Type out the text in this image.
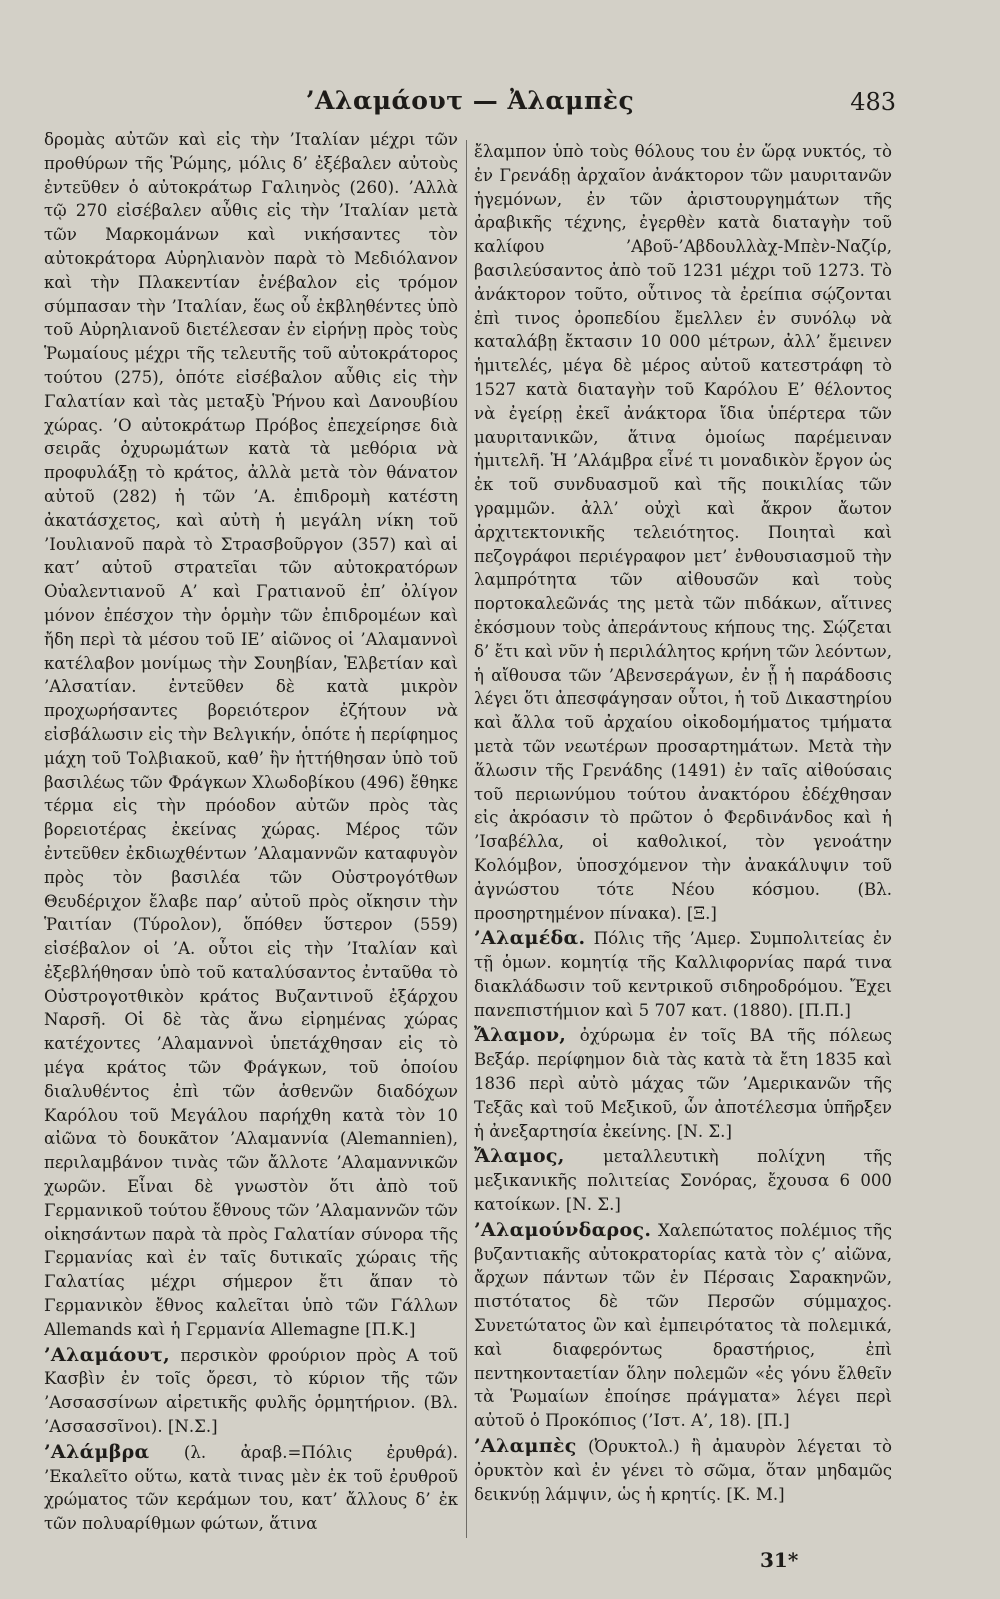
’Αλαμάουτ — Ἀλαμπὲς	483

δρομὰς αὐτῶν καὶ εἰς τὴν ’Ιταλίαν μέχρι τῶν προθύρων τῆς Ῥώμης, μόλις δ’ ἐξέβαλεν αὐτοὺς ἐντεῦθεν ὁ αὐτοκράτωρ Γαλιηνὸς (260). ’Αλλὰ τῷ 270 εἰσέβαλεν αὖθις εἰς τὴν ’Ιταλίαν μετὰ τῶν Μαρκομάνων καὶ νικήσαντες τὸν αὐτοκράτορα Αὐρηλιανὸν παρὰ τὸ Μεδιόλανον καὶ τὴν Πλακεντίαν ἐνέβαλον εἰς τρόμον σύμπασαν τὴν ’Ιταλίαν, ἕως οὗ ἐκβληθέντες ὑπὸ τοῦ Αὐρηλιανοῦ διετέλεσαν ἐν εἰρήνῃ πρὸς τοὺς Ῥωμαίους μέχρι τῆς τελευτῆς τοῦ αὐτοκράτορος τούτου (275), ὁπότε εἰσέβαλον αὖθις εἰς τὴν Γαλατίαν καὶ τὰς μεταξὺ Ῥήνου καὶ Δανουβίου χώρας. ’Ο αὐτοκράτωρ Πρόβος ἐπεχείρησε διὰ σειρᾶς ὀχυρωμάτων κατὰ τὰ μεθόρια νὰ προφυλάξῃ τὸ κράτος, ἀλλὰ μετὰ τὸν θάνατον αὐτοῦ (282) ἡ τῶν ’Α. ἐπιδρομὴ κατέστη ἀκατάσχετος, καὶ αὐτὴ ἡ μεγάλη νίκη τοῦ ’Ιουλιανοῦ παρὰ τὸ Στρασβοῦργον (357) καὶ αἱ κατ’ αὐτοῦ στρατεῖαι τῶν αὐτοκρατόρων Οὐαλεντιανοῦ Α’ καὶ Γρατιανοῦ ἐπ’ ὀλίγον μόνον ἐπέσχον τὴν ὁρμὴν τῶν ἐπιδρομέων καὶ ἤδη περὶ τὰ μέσου τοῦ ΙΕ’ αἰῶνος οἱ ’Αλαμαννοὶ κατέλαβον μονίμως τὴν Σουηβίαν, Ἑλβετίαν καὶ ’Αλσατίαν. ἐντεῦθεν δὲ κατὰ μικρὸν προχωρήσαντες βορειότερον ἐζήτουν νὰ εἰσβάλωσιν εἰς τὴν Βελγικήν, ὁπότε ἡ περίφημος μάχη τοῦ Τολβιακοῦ, καθ’ ἣν ἡττήθησαν ὑπὸ τοῦ βασιλέως τῶν Φράγκων Χλωδοβίκου (496) ἔθηκε τέρμα εἰς τὴν πρόοδον αὐτῶν πρὸς τὰς βορειοτέρας ἐκείνας χώρας. Μέρος τῶν ἐντεῦθεν ἐκδιωχθέντων ’Αλαμαννῶν καταφυγὸν πρὸς τὸν βασιλέα τῶν Οὐστρογότθων Θευδέριχον ἔλαβε παρ’ αὐτοῦ πρὸς οἴκησιν τὴν Ῥαιτίαν (Τύρολον), ὅπόθεν ὕστερον (559) εἰσέβαλον οἱ ’Α. οὗτοι εἰς τὴν ’Ιταλίαν καὶ ἐξεβλήθησαν ὑπὸ τοῦ καταλύσαντος ἐνταῦθα τὸ Οὐστρογοτθικὸν κράτος Βυζαντινοῦ ἐξάρχου Ναρσῆ. Οἱ δὲ τὰς ἄνω εἰρημένας χώρας κατέχοντες ’Αλαμαννοὶ ὑπετάχθησαν εἰς τὸ μέγα κράτος τῶν Φράγκων, τοῦ ὁποίου διαλυθέντος ἐπὶ τῶν ἀσθενῶν διαδόχων Καρόλου τοῦ Μεγάλου παρήχθη κατὰ τὸν 10 αἰῶνα τὸ δουκᾶτον ’Αλαμαννία (Alemannien), περιλαμβάνον τινὰς τῶν ἄλλοτε ’Αλαμαννικῶν χωρῶν. Εἶναι δὲ γνωστὸν ὅτι ἀπὸ τοῦ Γερμανικοῦ τούτου ἔθνους τῶν ’Αλαμαννῶν τῶν οἰκησάντων παρὰ τὰ πρὸς Γαλατίαν σύνορα τῆς Γερμανίας καὶ ἐν ταῖς δυτικαῖς χώραις τῆς Γαλατίας μέχρι σήμερον ἔτι ἅπαν τὸ Γερμανικὸν ἔθνος καλεῖται ὑπὸ τῶν Γάλλων Allemands καὶ ἡ Γερμανία Allemagne [Π.Κ.]

’Αλαμάουτ, περσικὸν φρούριον πρὸς Α τοῦ Κασβὶν ἐν τοῖς ὄρεσι, τὸ κύριον τῆς τῶν ’Ασσασσίνων αἱρετικῆς φυλῆς ὁρμητήριον. (Βλ. ’Ασσασσῖνοι). [Ν.Σ.]

’Αλάμβρα (λ. ἀραβ.=Πόλις ἐρυθρά). ’Εκαλεῖτο οὕτω, κατὰ τινας μὲν ἐκ τοῦ ἐρυθροῦ χρώματος τῶν κεράμων του, κατ’ ἄλλους δ’ ἐκ τῶν πολυαρίθμων φώτων, ἅτινα

ἔλαμπον ὑπὸ τοὺς θόλους του ἐν ὥρᾳ νυκτός, τὸ ἐν Γρενάδῃ ἀρχαῖον ἀνάκτορον τῶν μαυριτανῶν ἡγεμόνων, ἐν τῶν ἀριστουργημάτων τῆς ἀραβικῆς τέχνης, ἐγερθὲν κατὰ διαταγὴν τοῦ καλίφου ’Αβοῦ-’Αβδουλλὰχ-Μπὲν-Ναζίρ, βασιλεύσαντος ἀπὸ τοῦ 1231 μέχρι τοῦ 1273. Τὸ ἀνάκτορον τοῦτο, οὗτινος τὰ ἐρείπια σῴζονται ἐπὶ τινος ὀροπεδίου ἔμελλεν ἐν συνόλῳ νὰ καταλάβῃ ἔκτασιν 10 000 μέτρων, ἀλλ’ ἔμεινεν ἡμιτελές, μέγα δὲ μέρος αὐτοῦ κατεστράφη τὸ 1527 κατὰ διαταγὴν τοῦ Καρόλου Ε’ θέλοντος νὰ ἐγείρῃ ἐκεῖ ἀνάκτορα ἴδια ὑπέρτερα τῶν μαυριτανικῶν, ἅτινα ὁμοίως παρέμειναν ἡμιτελῆ. Ἡ ’Αλάμβρα εἶνέ τι μοναδικὸν ἔργον ὡς ἐκ τοῦ συνδυασμοῦ καὶ τῆς ποικιλίας τῶν γραμμῶν. ἀλλ’ οὐχὶ καὶ ἄκρον ἄωτον ἀρχιτεκτονικῆς τελειότητος. Ποιηταὶ καὶ πεζογράφοι περιέγραφον μετ’ ἐνθουσιασμοῦ τὴν λαμπρότητα τῶν αἰθουσῶν καὶ τοὺς πορτοκαλεῶνάς της μετὰ τῶν πιδάκων, αἵτινες ἐκόσμουν τοὺς ἀπεράντους κήπους της. Σῴζεται δ’ ἔτι καὶ νῦν ἡ περιλάλητος κρήνη τῶν λεόντων, ἡ αἴθουσα τῶν ’Αβενσεράγων, ἐν ᾗ ἡ παράδοσις λέγει ὅτι ἀπεσφάγησαν οὗτοι, ἡ τοῦ Δικαστηρίου καὶ ἄλλα τοῦ ἀρχαίου οἰκοδομήματος τμήματα μετὰ τῶν νεωτέρων προσαρτημάτων. Μετὰ τὴν ἅλωσιν τῆς Γρενάδης (1491) ἐν ταῖς αἰθούσαις τοῦ περιωνύμου τούτου ἀνακτόρου ἐδέχθησαν εἰς ἀκρόασιν τὸ πρῶτον ὁ Φερδινάνδος καὶ ἡ ’Ισαβέλλα, οἱ καθολικοί, τὸν γενοάτην Κολόμβον, ὑποσχόμενον τὴν ἀνακάλυψιν τοῦ ἀγνώστου τότε Νέου κόσμου. (Βλ. προσηρτημένον πίνακα). [Ξ.]

’Αλαμέδα. Πόλις τῆς ’Αμερ. Συμπολιτείας ἐν τῇ ὁμων. κομητίᾳ τῆς Καλλιφορνίας παρά τινα διακλάδωσιν τοῦ κεντρικοῦ σιδηροδρόμου. Ἔχει πανεπιστήμιον καὶ 5 707 κατ. (1880). [Π.Π.]

Ἄλαμον, ὀχύρωμα ἐν τοῖς ΒΑ τῆς πόλεως Βεξάρ. περίφημον διὰ τὰς κατὰ τὰ ἔτη 1835 καὶ 1836 περὶ αὐτὸ μάχας τῶν ’Αμερικανῶν τῆς Τεξᾶς καὶ τοῦ Μεξικοῦ, ὧν ἀποτέλεσμα ὑπῆρξεν ἡ ἀνεξαρτησία ἐκείνης. [Ν. Σ.]

Ἄλαμος, μεταλλευτικὴ πολίχνη τῆς μεξικανικῆς πολιτείας Σονόρας, ἔχουσα 6 000 κατοίκων. [Ν. Σ.]

’Αλαμούνδαρος. Χαλεπώτατος πολέμιος τῆς βυζαντιακῆς αὐτοκρατορίας κατὰ τὸν ς’ αἰῶνα, ἄρχων πάντων τῶν ἐν Πέρσαις Σαρακηνῶν, πιστότατος δὲ τῶν Περσῶν σύμμαχος. Συνετώτατος ὢν καὶ ἐμπειρότατος τὰ πολεμικά, καὶ διαφερόντως δραστήριος, ἐπὶ πεντηκονταετίαν ὅλην πολεμῶν «ἐς γόνυ ἔλθεῖν τὰ Ῥωμαίων ἐποίησε πράγματα» λέγει περὶ αὐτοῦ ὁ Προκόπιος (’Ιστ. Α’, 18). [Π.]

’Αλαμπὲς (Ὀρυκτολ.) ἢ ἀμαυρὸν λέγεται τὸ ὀρυκτὸν καὶ ἐν γένει τὸ σῶμα, ὅταν μηδαμῶς δεικνύῃ λάμψιν, ὡς ἡ κρητίς. [Κ. Μ.]

31*
